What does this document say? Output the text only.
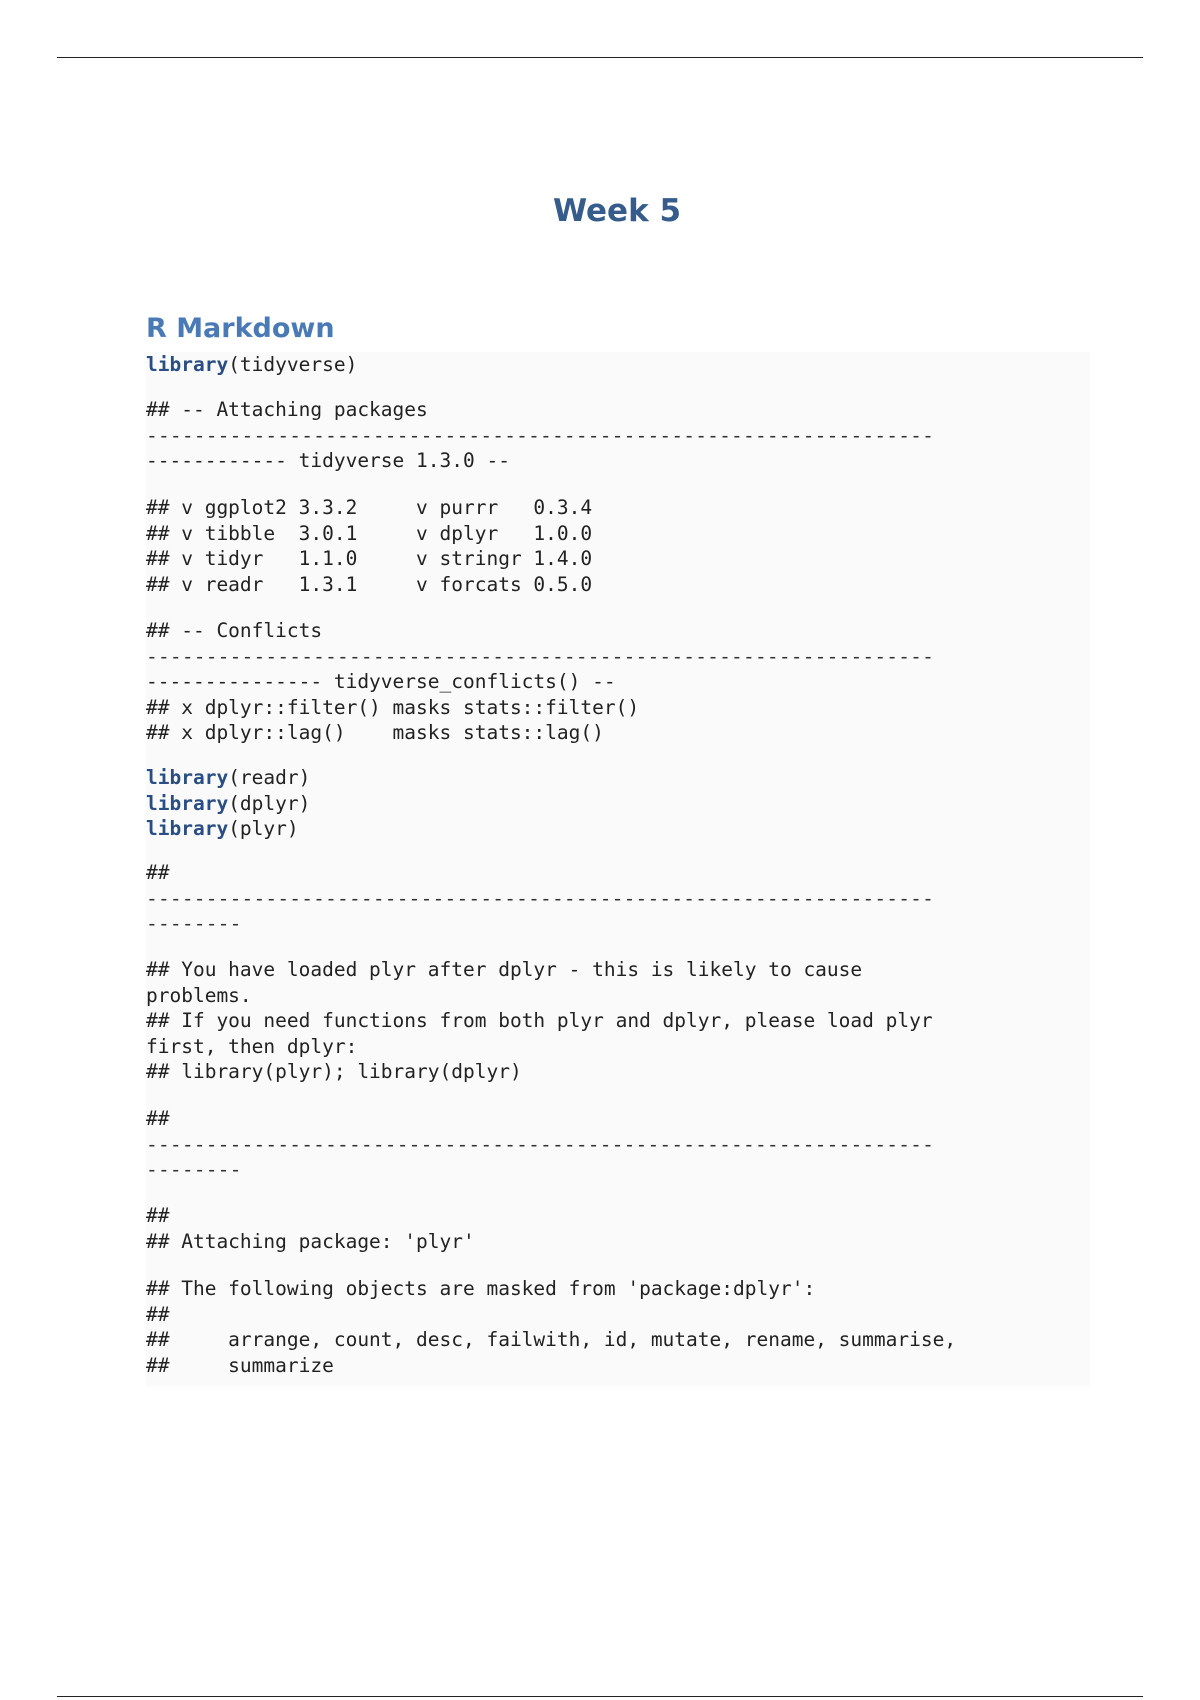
Week 5
R Markdown
library(tidyverse)
## -- Attaching packages
------------------------------------------------------------------
------------ tidyverse 1.3.0 --
## v ggplot2 3.3.2     v purrr   0.3.4
## v tibble  3.0.1     v dplyr   1.0.0
## v tidyr   1.1.0     v stringr 1.4.0
## v readr   1.3.1     v forcats 0.5.0
## -- Conflicts
------------------------------------------------------------------
--------------- tidyverse_conflicts() --
## x dplyr::filter() masks stats::filter()
## x dplyr::lag()    masks stats::lag()
library(readr)
library(dplyr)
library(plyr)
##
------------------------------------------------------------------
--------
## You have loaded plyr after dplyr - this is likely to cause
problems.
## If you need functions from both plyr and dplyr, please load plyr
first, then dplyr:
## library(plyr); library(dplyr)
##
------------------------------------------------------------------
--------
##
## Attaching package: 'plyr'
## The following objects are masked from 'package:dplyr':
##
##     arrange, count, desc, failwith, id, mutate, rename, summarise,
##     summarize
